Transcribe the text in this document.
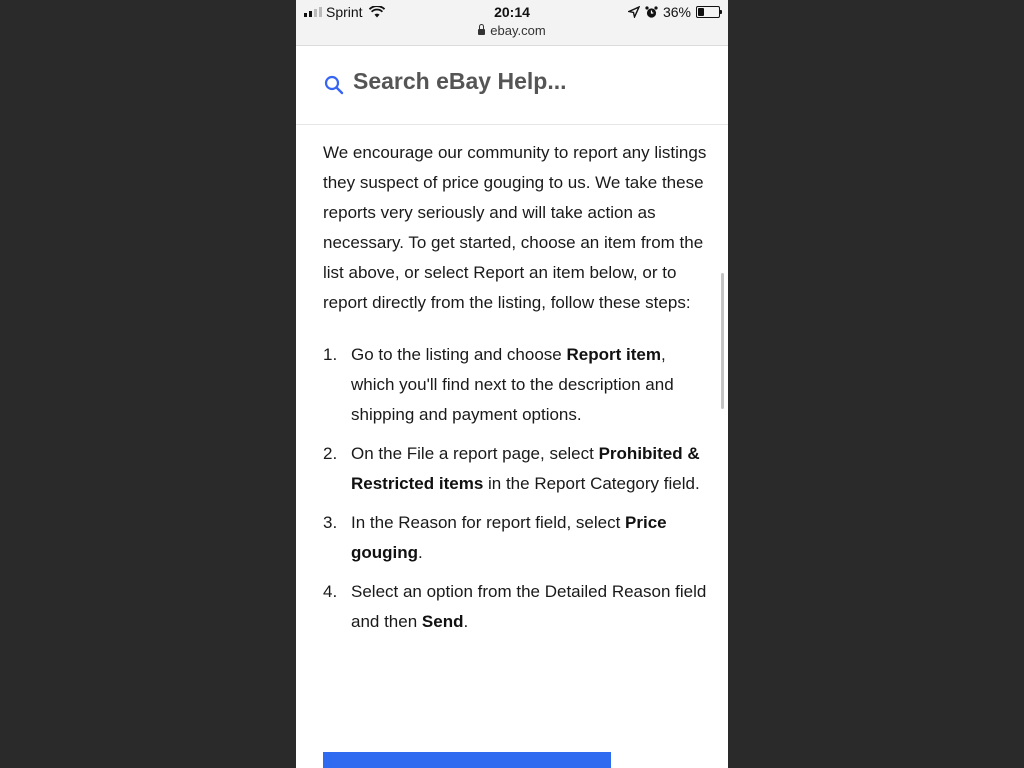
Sprint	20:14
ebay.com
36%
Search eBay Help...

We encourage our community to report any listings they suspect of price gouging to us. We take these reports very seriously and will take action as necessary. To get started, choose an item from the list above, or select Report an item below, or to report directly from the listing, follow these steps:

1. Go to the listing and choose Report item, which you'll find next to the description and shipping and payment options.
2. On the File a report page, select Prohibited & Restricted items in the Report Category field.
3. In the Reason for report field, select Price gouging.
4. Select an option from the Detailed Reason field and then Send.
